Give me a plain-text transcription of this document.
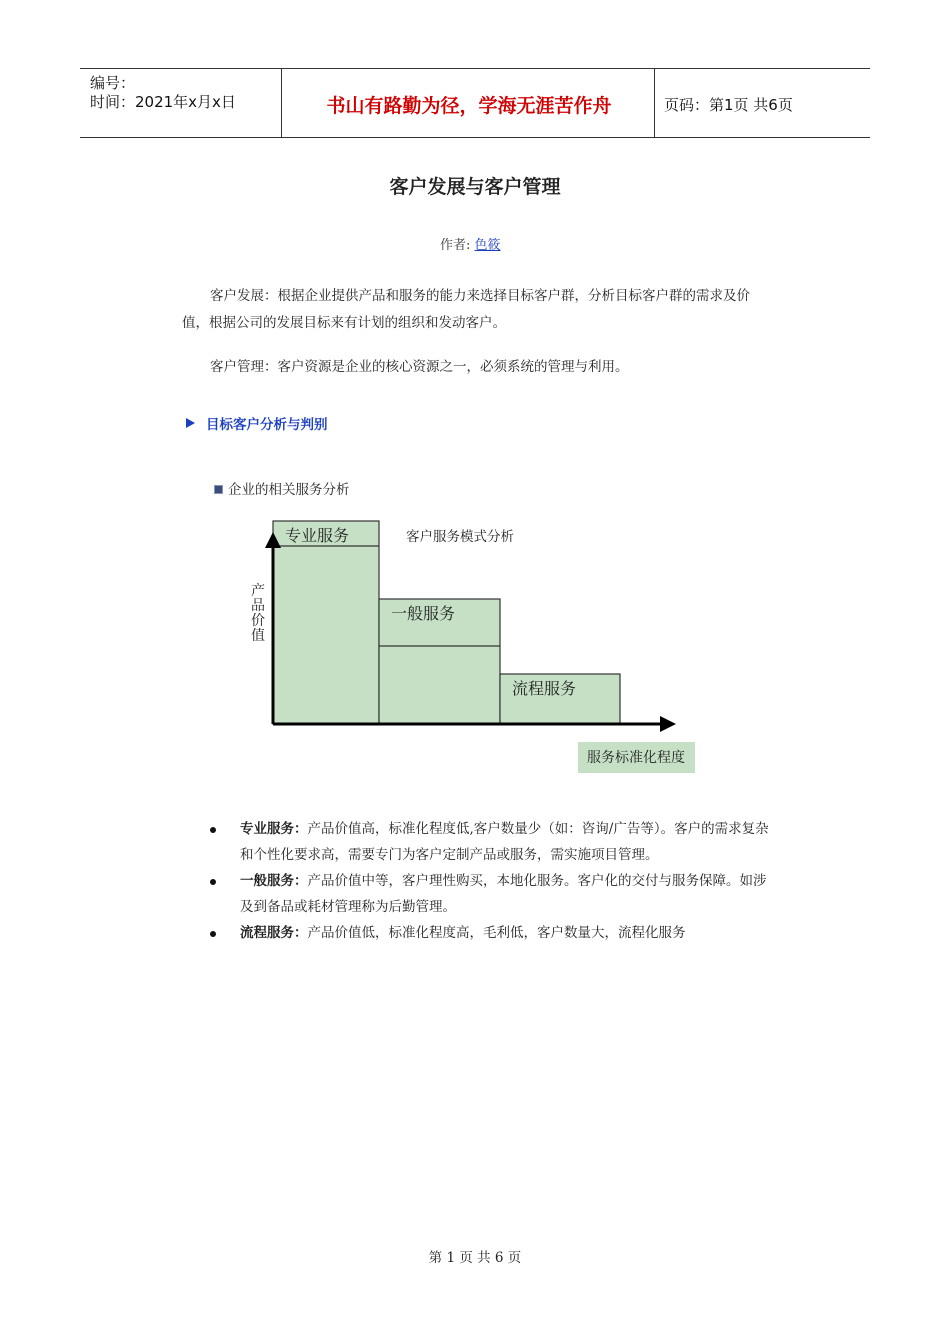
编号：
时间：2021年x月x日	书山有路勤为径，学海无涯苦作舟	页码：第1页 共6页
客户发展与客户管理
作者: 色筱
客户发展：根据企业提供产品和服务的能力来选择目标客户群，分析目标客户群的需求及价值，根据公司的发展目标来有计划的组织和发动客户。
客户管理：客户资源是企业的核心资源之一，必须系统的管理与利用。
目标客户分析与判别
企业的相关服务分析
客户服务模式分析
专业服务
一般服务
流程服务
产品价值
服务标准化程度

专业服务：产品价值高，标准化程度低,客户数量少（如：咨询/广告等）。客户的需求复杂和个性化要求高，需要专门为客户定制产品或服务，需实施项目管理。

一般服务：产品价值中等，客户理性购买，本地化服务。客户化的交付与服务保障。如涉及到备品或耗材管理称为后勤管理。

流程服务：产品价值低，标准化程度高，毛利低，客户数量大，流程化服务

第 1 页 共 6 页
